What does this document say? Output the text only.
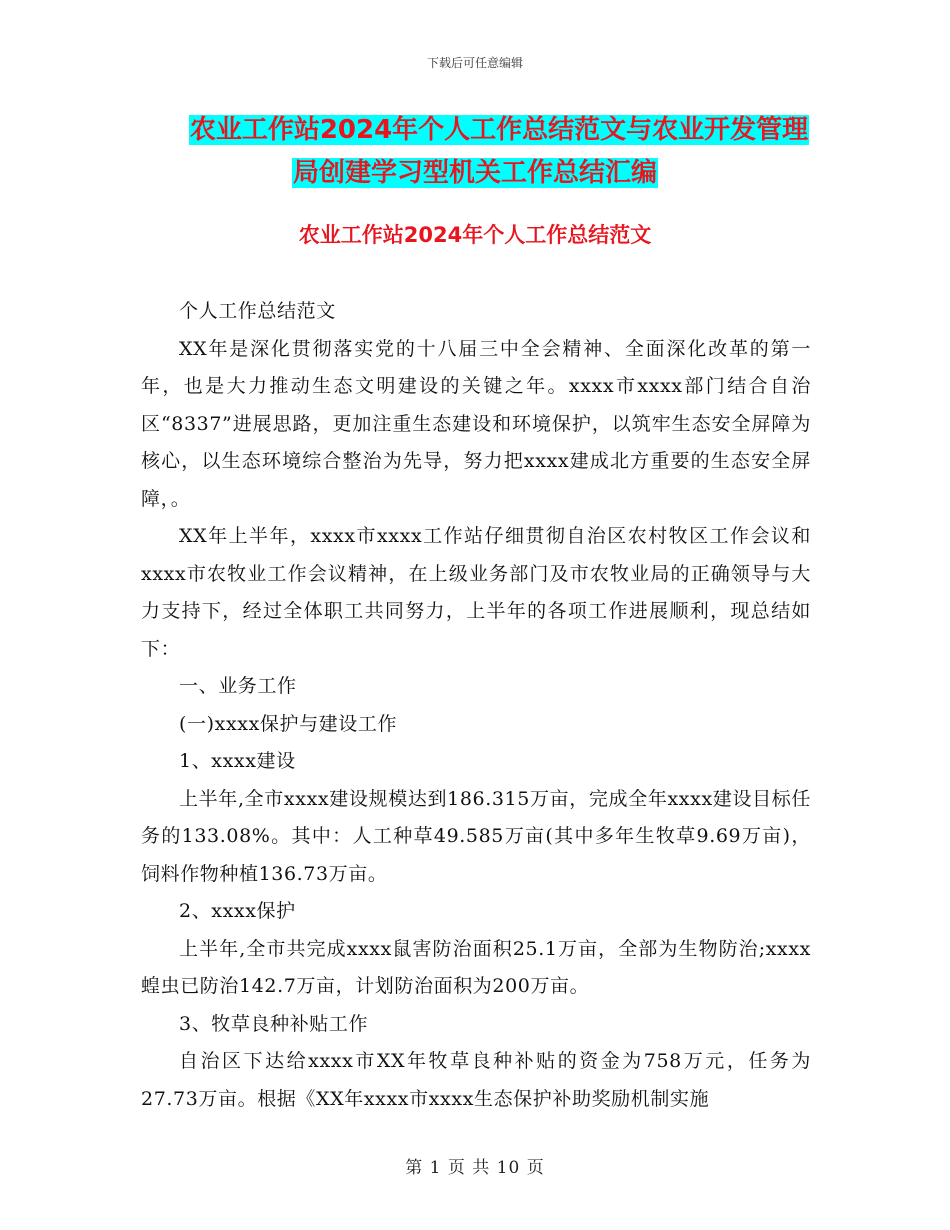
下载后可任意编辑
农业工作站2024年个人工作总结范文与农业开发管理
局创建学习型机关工作总结汇编
农业工作站2024年个人工作总结范文

个人工作总结范文

XX年是深化贯彻落实党的十八届三中全会精神、全面深化改革的第一年，也是大力推动生态文明建设的关键之年。xxxx市xxxx部门结合自治区“8337”进展思路，更加注重生态建设和环境保护，以筑牢生态安全屏障为核心，以生态环境综合整治为先导，努力把xxxx建成北方重要的生态安全屏障，。

XX年上半年，xxxx市xxxx工作站仔细贯彻自治区农村牧区工作会议和xxxx市农牧业工作会议精神，在上级业务部门及市农牧业局的正确领导与大力支持下，经过全体职工共同努力，上半年的各项工作进展顺利，现总结如下：

一、业务工作

(一)xxxx保护与建设工作

1、xxxx建设

上半年,全市xxxx建设规模达到186.315万亩，完成全年xxxx建设目标任务的133.08%。其中：人工种草49.585万亩(其中多年生牧草9.69万亩)，饲料作物种植136.73万亩。

2、xxxx保护

上半年,全市共完成xxxx鼠害防治面积25.1万亩，全部为生物防治;xxxx蝗虫已防治142.7万亩，计划防治面积为200万亩。

3、牧草良种补贴工作

自治区下达给xxxx市XX年牧草良种补贴的资金为758万元，任务为27.73万亩。根据《XX年xxxx市xxxx生态保护补助奖励机制实施

第 1 页 共 10 页
